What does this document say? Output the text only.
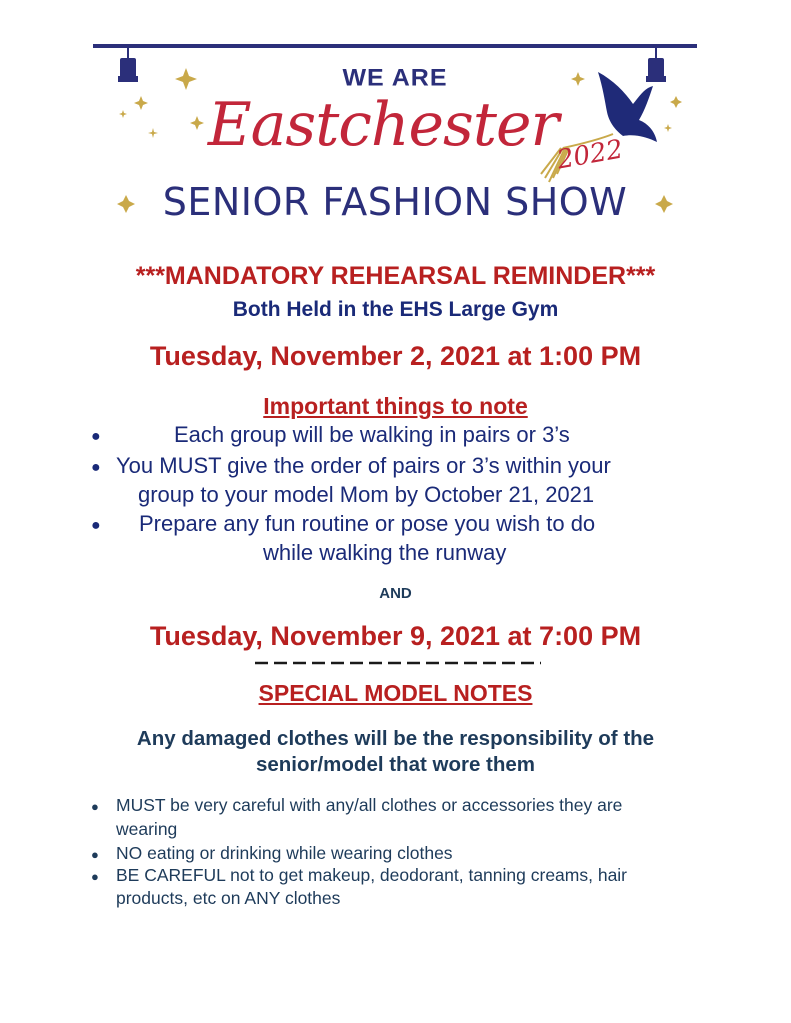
WE ARE
Eastchester
2022
SENIOR FASHION SHOW
***MANDATORY REHEARSAL REMINDER***
Both Held in the EHS Large Gym
Tuesday, November 2, 2021 at 1:00 PM
Important things to note
●	Each group will be walking in pairs or 3’s
● You MUST give the order of pairs or 3’s within your
group to your model Mom by October 21, 2021
● Prepare any fun routine or pose you wish to do
while walking the runway
AND
Tuesday, November 9, 2021 at 7:00 PM
SPECIAL MODEL NOTES
Any damaged clothes will be the responsibility of the
senior/model that wore them
● MUST be very careful with any/all clothes or accessories they are
wearing
● NO eating or drinking while wearing clothes
● BE CAREFUL not to get makeup, deodorant, tanning creams, hair
products, etc on ANY clothes
